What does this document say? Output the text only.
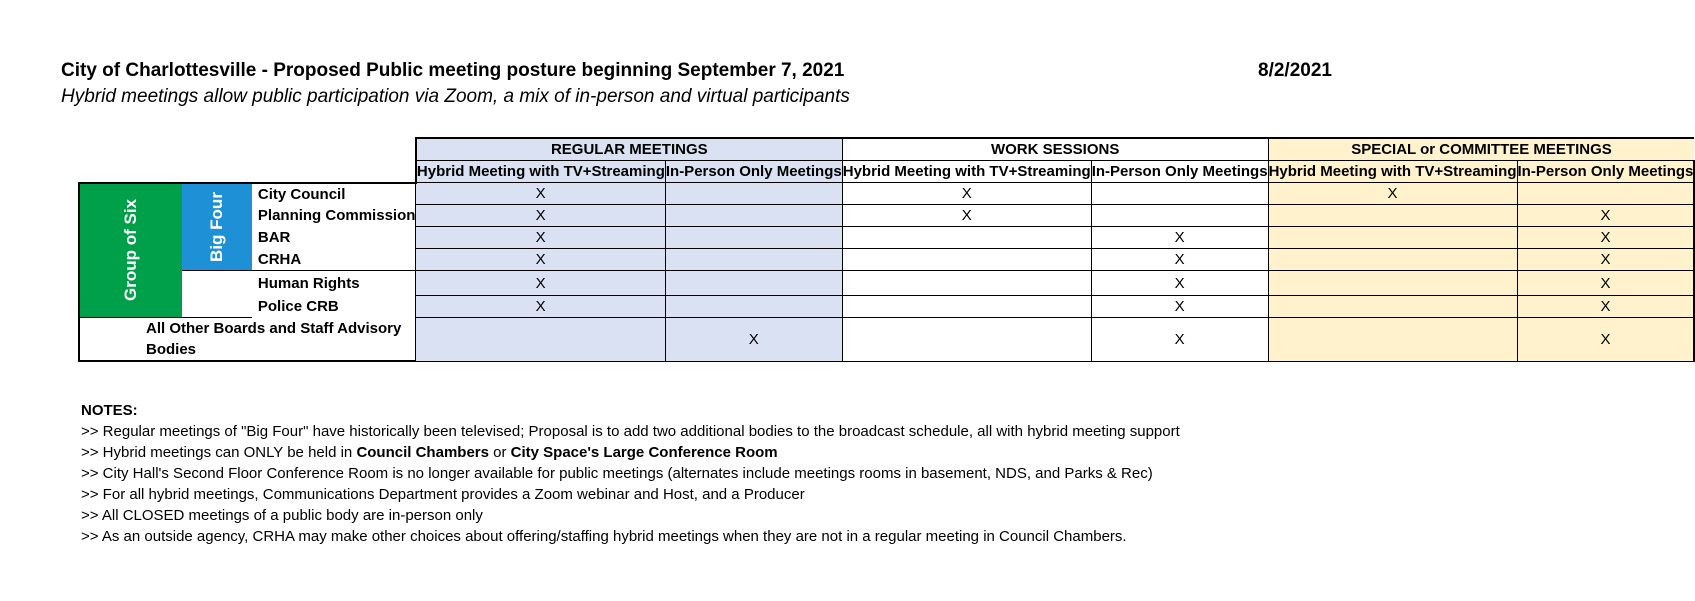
City of Charlottesville - Proposed Public meeting posture beginning September 7, 2021	8/2/2021
Hybrid meetings allow public participation via Zoom, a mix of in-person and virtual participants
			REGULAR MEETINGS		WORK SESSIONS		SPECIAL or COMMITTEE MEETINGS	
			Hybrid Meeting with TV+Streaming	In-Person Only Meetings	Hybrid Meeting with TV+Streaming	In-Person Only Meetings	Hybrid Meeting with TV+Streaming	In-Person Only Meetings
Group of Six	Big Four	City Council	X		X		X	
		Planning Commission	X		X			X
		BAR	X			X		X
		CRHA	X			X		X
		Human Rights	X			X		X
		Police CRB	X			X		X
All Other Boards and Staff Advisory Bodies				X		X		X
NOTES:
>> Regular meetings of "Big Four" have historically been televised; Proposal is to add two additional bodies to the broadcast schedule, all with hybrid meeting support
>> Hybrid meetings can ONLY be held in Council Chambers or City Space's Large Conference Room
>> City Hall's Second Floor Conference Room is no longer available for public meetings (alternates include meetings rooms in basement, NDS, and Parks & Rec)
>> For all hybrid meetings, Communications Department provides a Zoom webinar and Host, and a Producer
>> All CLOSED meetings of a public body are in-person only
>> As an outside agency, CRHA may make other choices about offering/staffing hybrid meetings when they are not in a regular meeting in Council Chambers.
